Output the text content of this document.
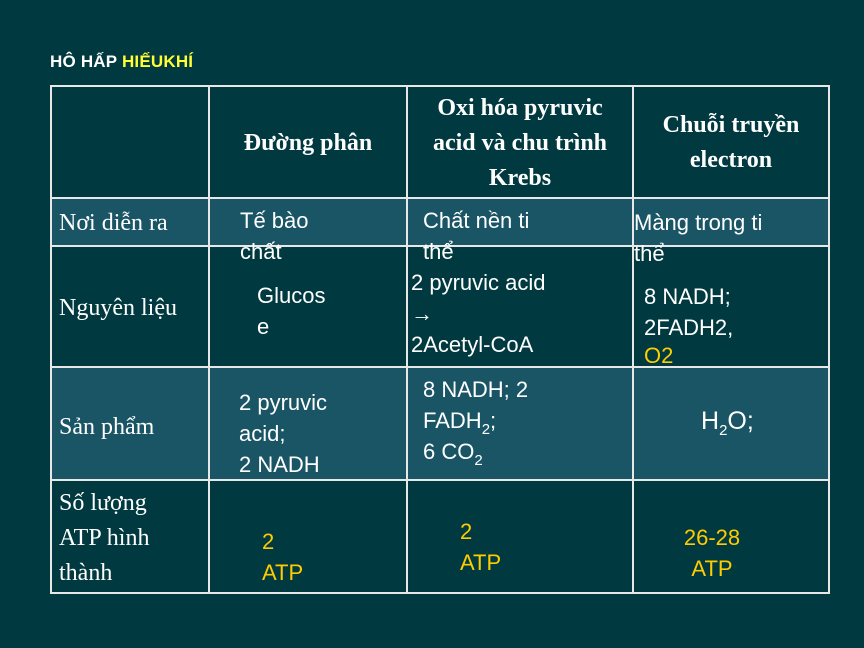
HÔ HẤP HIẾUKHÍ
Đường phân
Oxi hóa pyruvic
acid và chu trình
Krebs
Chuỗi truyền
electron
Nơi diễn ra	Tế bào
chất
Chất nền ti
thể
Màng trong ti
thể
Nguyên liệu	Glucos
e
2 pyruvic acid
→
2Acetyl-CoA
8 NADH;
2FADH2,
O2
Sản phẩm
2 pyruvic
acid;
2 NADH
8 NADH; 2
$FADH_2$;
6 $CO_2$
$H_2O$;
Số lượng
ATP hình
thành
2
ATP
2
ATP
26-28
ATP
